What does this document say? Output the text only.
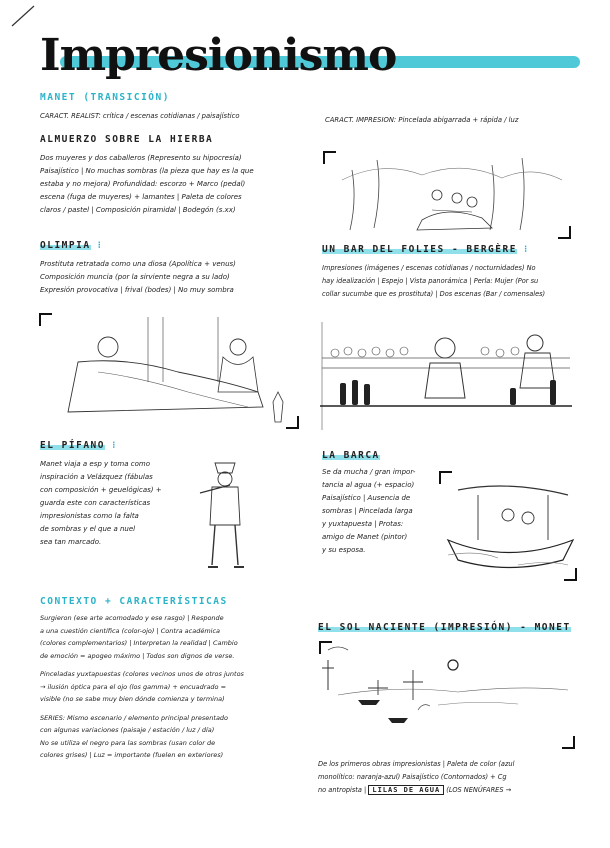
Impresionismo
MANET (TRANSICIÓN)
CARACT. REALIST: crítica / escenas cotidianas / paisajístico	CARACT. IMPRESION: Pincelada abigarrada + rápida / luz
ALMUERZO SOBRE LA HIERBA
Dos muyeres y dos caballeros (Represento su hipocresía)
Paisajístico | No muchas sombras (la pieza que hay es la que
estaba y no mejora) Profundidad: escorzo + Marco (pedal)
escena (fuga de muyeres) + lamantes | Paleta de colores
claros / pastel | Composición piramidal | Bodegón (s.xx)
OLIMPIA ⁝
Prostituta retratada como una diosa (Apolítica + venus)
Composición muncia (por la sirviente negra a su lado)
Expresión provocativa | frival (bodes) | No muy sombra
EL PÍFANO ⁝
Manet viaja a esp y toma como
inspiración a Velázquez (fábulas
con composición + geuelógicas) +
guarda este con características
impresionistas como la falta
de sombras y el que a nuel
sea tan marcado.
UN BAR DEL FOLIES - BERGÈRE ⁝
Impresiones (imágenes / escenas cotidianas / nocturnidades) No
hay idealización | Espejo | Vista panorámica | Perla: Mujer (Por su
collar sucumbe que es prostituta) | Dos escenas (Bar / comensales)
LA BARCA
Se da mucha / gran impor-
tancia al agua (+ espacio)
Paisajístico | Ausencia de
sombras | Pincelada larga
y yuxtapuesta | Protas:
amigo de Manet (pintor)
y su esposa.
CONTEXTO + CARACTERÍSTICAS
Surgieron (ese arte acomodado y ese rasgo) | Responde
a una cuestión científica (color-ojo) | Contra académica
(colores complementarios) | Interpretan la realidad | Cambio
de emoción = apogeo máximo | Todos son dignos de verse.
Pinceladas yuxtapuestas (colores vecinos unos de otros juntos
→ ilusión óptica para el ojo (los gamma) + encuadrado =
visible (no se sabe muy bien dónde comienza y termina)
SERIES: Mismo escenario / elemento principal presentado
con algunas variaciones (paisaje / estación / luz / día)
No se utiliza el negro para las sombras (usan color de
colores grises) | Luz = importante (fuelen en exteriores)
EL SOL NACIENTE (IMPRESIÓN) - MONET
De los primeros obras impresionistas | Paleta de color (azul
monolítico: naranja-azul) Paisajístico (Contornados) + Cg
no antropista | LILAS DE AGUA (LOS NENÚFARES →
